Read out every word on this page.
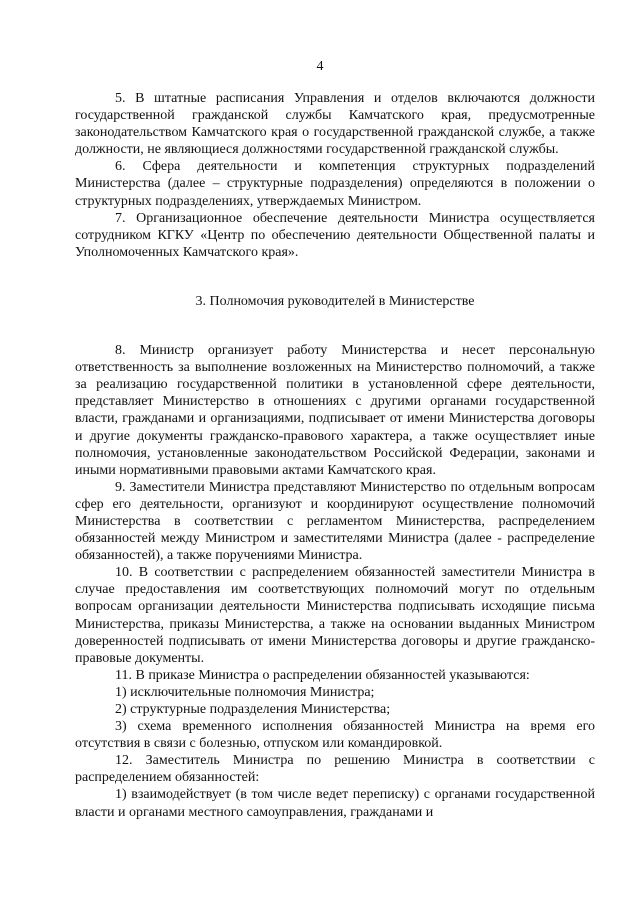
4

5. В штатные расписания Управления и отделов включаются должности государственной гражданской службы Камчатского края, предусмотренные законодательством Камчатского края о государственной гражданской службе, а также должности, не являющиеся должностями государственной гражданской службы.

6. Сфера деятельности и компетенция структурных подразделений Министерства (далее – структурные подразделения) определяются в положении о структурных подразделениях, утверждаемых Министром.

7. Организационное обеспечение деятельности Министра осуществляется сотрудником КГКУ «Центр по обеспечению деятельности Общественной палаты и Уполномоченных Камчатского края».

3. Полномочия руководителей в Министерстве

8. Министр организует работу Министерства и несет персональную ответственность за выполнение возложенных на Министерство полномочий, а также за реализацию государственной политики в установленной сфере деятельности, представляет Министерство в отношениях с другими органами государственной власти, гражданами и организациями, подписывает от имени Министерства договоры и другие документы гражданско-правового характера, а также осуществляет иные полномочия, установленные законодательством Российской Федерации, законами и иными нормативными правовыми актами Камчатского края.

9. Заместители Министра представляют Министерство по отдельным вопросам сфер его деятельности, организуют и координируют осуществление полномочий Министерства в соответствии с регламентом Министерства, распределением обязанностей между Министром и заместителями Министра (далее - распределение обязанностей), а также поручениями Министра.

10. В соответствии с распределением обязанностей заместители Министра в случае предоставления им соответствующих полномочий могут по отдельным вопросам организации деятельности Министерства подписывать исходящие письма Министерства, приказы Министерства, а также на основании выданных Министром доверенностей подписывать от имени Министерства договоры и другие гражданско-правовые документы.

11. В приказе Министра о распределении обязанностей указываются:

1) исключительные полномочия Министра;

2) структурные подразделения Министерства;

3) схема временного исполнения обязанностей Министра на время его отсутствия в связи с болезнью, отпуском или командировкой.

12. Заместитель Министра по решению Министра в соответствии с распределением обязанностей:

1) взаимодействует (в том числе ведет переписку) с органами государственной власти и органами местного самоуправления, гражданами и
